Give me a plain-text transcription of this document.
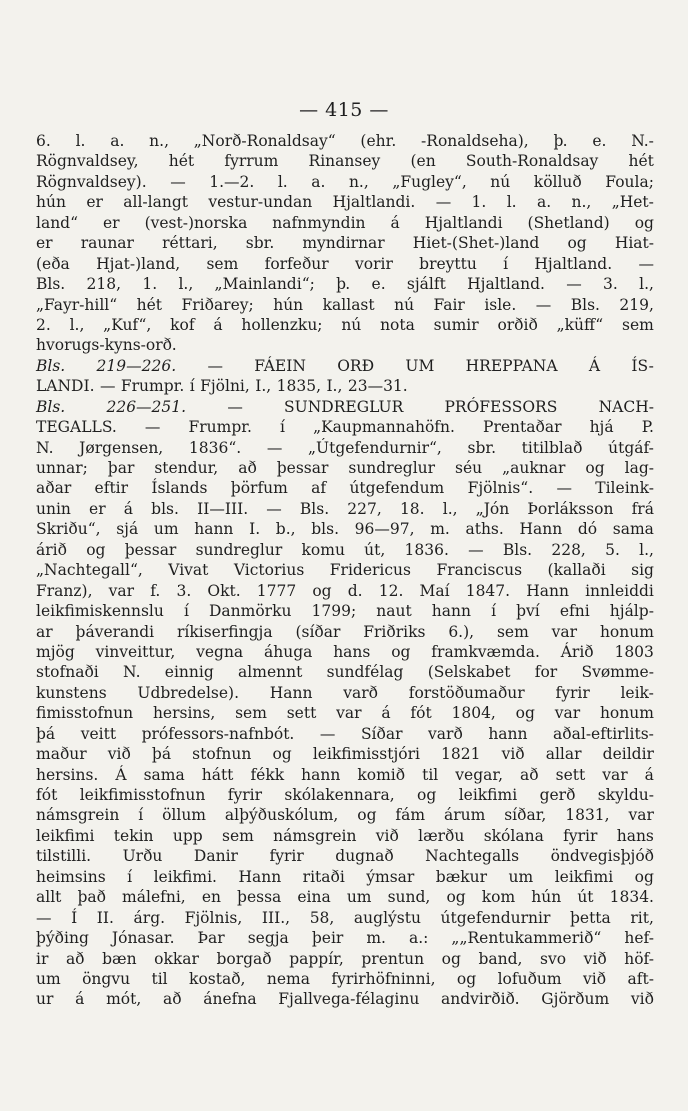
— 415 —
6. l. a. n., „Norð-Ronaldsay“ (ehr. -Ronaldseha), þ. e. N.-
Rögnvaldsey, hét fyrrum Rinansey (en South-Ronaldsay hét
Rögnvaldsey). — 1.—2. l. a. n., „Fugley“, nú kölluð Foula;
hún er all-langt vestur-undan Hjaltlandi. — 1. l. a. n., „Het-
land“ er (vest-)norska nafnmyndin á Hjaltlandi (Shetland) og
er raunar réttari, sbr. myndirnar Hiet-(Shet-)land og Hiat-
(eða Hjat-)land, sem forfeður vorir breyttu í Hjaltland. —
Bls. 218, 1. l., „Mainlandi“; þ. e. sjálft Hjaltland. — 3. l.,
„Fayr-hill“ hét Friðarey; hún kallast nú Fair isle. — Bls. 219,
2. l., „Kuf“, kof á hollenzku; nú nota sumir orðið „küff“ sem
hvorugs-kyns-orð.
Bls. 219—226. — FÁEIN ORÐ UM HREPPANA Á ÍS-
LANDI. — Frumpr. í Fjölni, I., 1835, I., 23—31.
Bls.	226—251.	—	SUNDREGLUR	PRÓFESSORS	NACH-
TEGALLS. — Frumpr. í „Kaupmannahöfn. Prentaðar hjá P.
N. Jørgensen, 1836“. — „Útgefendurnir“, sbr. titilblað útgáf-
unnar; þar stendur, að þessar sundreglur séu „auknar og lag-
aðar eftir Íslands þörfum af útgefendum Fjölnis“. — Tileink-
unin er á bls. II—III. — Bls. 227, 18. l., „Jón Þorláksson frá
Skriðu“, sjá um hann I. b., bls. 96—97, m. aths. Hann dó sama
árið og þessar sundreglur komu út, 1836. — Bls. 228, 5. l.,
„Nachtegall“, Vivat Victorius Fridericus Franciscus (kallaði sig
Franz), var f. 3. Okt. 1777 og d. 12. Maí 1847. Hann innleiddi
leikfimiskennslu í Danmörku 1799; naut hann í því efni hjálp-
ar þáverandi ríkiserfingja (síðar Friðriks 6.), sem var honum
mjög vinveittur, vegna áhuga hans og framkvæmda. Árið 1803
stofnaði N. einnig almennt sundfélag (Selskabet for Svømme-
kunstens Udbredelse). Hann varð forstöðumaður fyrir leik-
fimisstofnun hersins, sem sett var á fót 1804, og var honum
þá veitt prófessors-nafnbót. — Síðar varð hann aðal-eftirlits-
maður við þá stofnun og leikfimisstjóri 1821 við allar deildir
hersins. Á sama hátt fékk hann komið til vegar, að sett var á
fót leikfimisstofnun fyrir skólakennara, og leikfimi gerð skyldu-
námsgrein í öllum alþýðuskólum, og fám árum síðar, 1831, var
leikfimi tekin upp sem námsgrein við lærðu skólana fyrir hans
tilstilli. Urðu Danir fyrir dugnað Nachtegalls öndvegisþjóð
heimsins í leikfimi. Hann ritaði ýmsar bækur um leikfimi og
allt það málefni, en þessa eina um sund, og kom hún út 1834.
— Í II. árg. Fjölnis, III., 58, auglýstu útgefendurnir þetta rit,
þýðing Jónasar. Þar segja þeir m. a.: „„Rentukammerið“ hef-
ir að bæn okkar borgað pappír, prentun og band, svo við höf-
um öngvu til kostað, nema fyrirhöfninni, og lofuðum við aft-
ur á mót, að ánefna Fjallvega-félaginu andvirðið. Gjörðum við
